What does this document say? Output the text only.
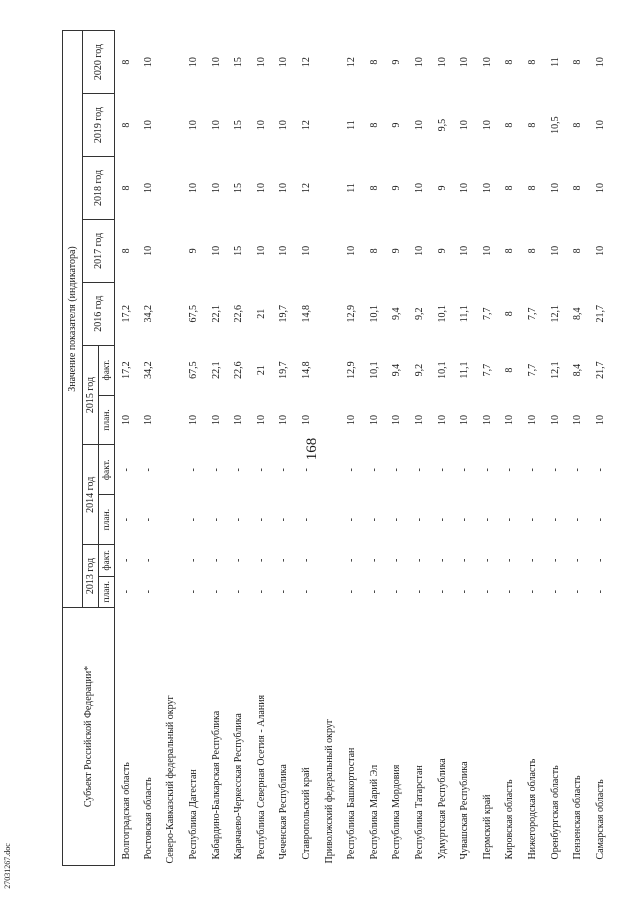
168
27031267.doc
Субъект Российской Федерации*	Значение показателя (индикатора)										
	2013 год		2014 год		2015 год		2016 год	2017 год	2018 год	2019 год	2020 год
	план.	факт.	план.	факт.	план.	факт.					
Волгоградская область	-	-	-	-	10	17,2	17,2	8	8	8	8
Ростовская область	-	-	-	-	10	34,2	34,2	10	10	10	10
Северо-Кавказский федеральный округ											
Республика Дагестан	-	-	-	-	10	67,5	67,5	9	10	10	10
Кабардино-Балкарская Республика	-	-	-	-	10	22,1	22,1	10	10	10	10
Карачаево-Черкесская Республика	-	-	-	-	10	22,6	22,6	15	15	15	15
Республика Северная Осетия - Алания	-	-	-	-	10	21	21	10	10	10	10
Чеченская Республика	-	-	-	-	10	19,7	19,7	10	10	10	10
Ставропольский край	-	-	-	-	10	14,8	14,8	10	12	12	12
Приволжский федеральный округ											
Республика Башкортостан	-	-	-	-	10	12,9	12,9	10	11	11	12
Республика Марий Эл	-	-	-	-	10	10,1	10,1	8	8	8	8
Республика Мордовия	-	-	-	-	10	9,4	9,4	9	9	9	9
Республика Татарстан	-	-	-	-	10	9,2	9,2	10	10	10	10
Удмуртская Республика	-	-	-	-	10	10,1	10,1	9	9	9,5	10
Чувашская Республика	-	-	-	-	10	11,1	11,1	10	10	10	10
Пермский край	-	-	-	-	10	7,7	7,7	10	10	10	10
Кировская область	-	-	-	-	10	8	8	8	8	8	8
Нижегородская область	-	-	-	-	10	7,7	7,7	8	8	8	8
Оренбургская область	-	-	-	-	10	12,1	12,1	10	10	10,5	11
Пензенская область	-	-	-	-	10	8,4	8,4	8	8	8	8
Самарская область	-	-	-	-	10	21,7	21,7	10	10	10	10
